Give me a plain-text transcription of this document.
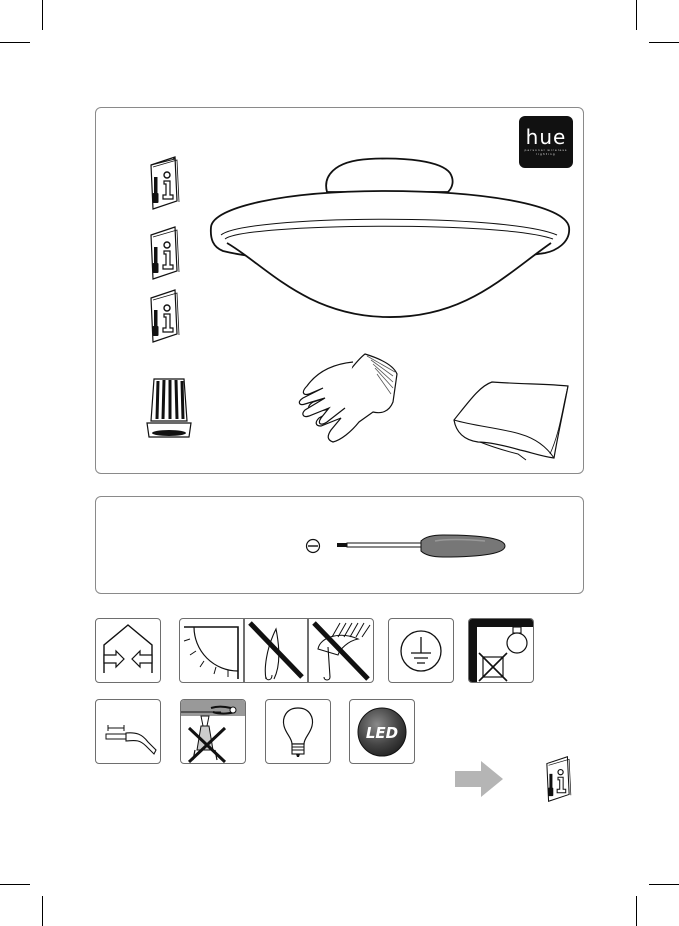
hue
personal wireless lighting
LED
